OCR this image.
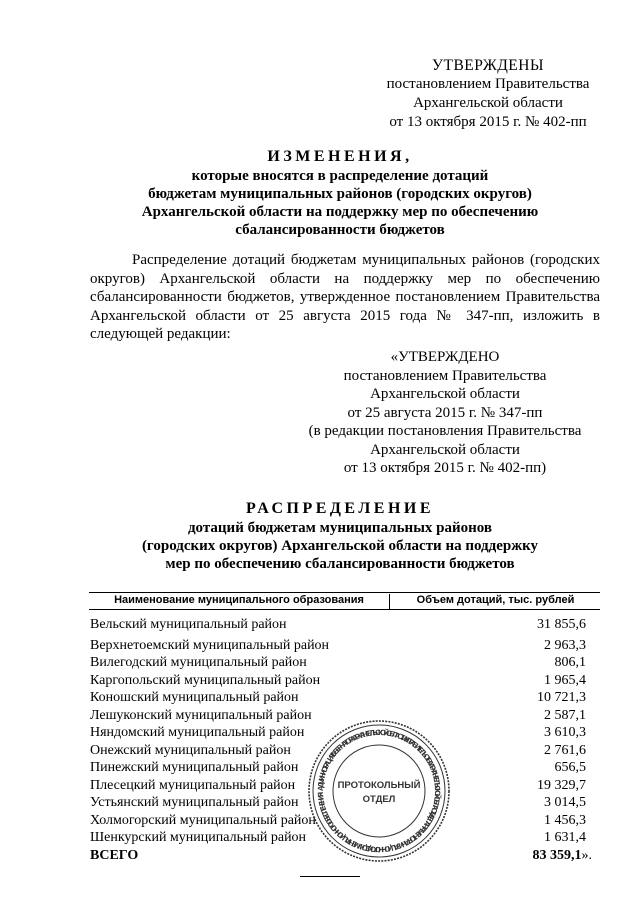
УТВЕРЖДЕНЫ
постановлением Правительства
Архангельской области
от 13 октября 2015 г. № 402-пп
ИЗМЕНЕНИЯ,
которые вносятся в распределение дотаций
бюджетам муниципальных районов (городских округов)
Архангельской области на поддержку мер по обеспечению
сбалансированности бюджетов
Распределение дотаций бюджетам муниципальных районов (городских округов) Архангельской области на поддержку мер по обеспечению сбалансированности бюджетов, утвержденное постановлением Правительства Архангельской области от 25 августа 2015 года № 347-пп, изложить в следующей редакции:
«УТВЕРЖДЕНО
постановлением Правительства
Архангельской области
от 25 августа 2015 г. № 347-пп
(в редакции постановления Правительства
Архангельской области
от 13 октября 2015 г. № 402-пп)
РАСПРЕДЕЛЕНИЕ
дотаций бюджетам муниципальных районов
(городских округов) Архангельской области на поддержку
мер по обеспечению сбалансированности бюджетов
Наименование муниципального образования	Объем дотаций, тыс. рублей
Вельский муниципальный район	31 855,6
Верхнетоемский муниципальный район	2 963,3
Вилегодский муниципальный район	806,1
Каргопольский муниципальный район	1 965,4
Коношский муниципальный район	10 721,3
Лешуконский муниципальный район	2 587,1
Няндомский муниципальный район	3 610,3
Онежский муниципальный район	2 761,6
Пинежский муниципальный район	656,5
Плесецкий муниципальный район	19 329,7
Устьянский муниципальный район	3 014,5
Холмогорский муниципальный район	1 456,3
Шенкурский муниципальный район	1 631,4
ВСЕГО	83 359,1».
АДМИНИСТРАЦИЯ ГУБЕРНАТОРА АРХАНГЕЛЬСКОЙ ОБЛАСТИ И ПРАВИТЕЛЬСТВА АРХАНГЕЛЬСКОЙ ОБЛАСТИ • ДЕПАРТАМЕНТ ОРГАНИЗАЦИОННОГО И ДОКУМЕНТАЦИОННОГО ОБЕСПЕЧЕНИЯ •
ПРОТОКОЛЬНЫЙ
ОТДЕЛ
